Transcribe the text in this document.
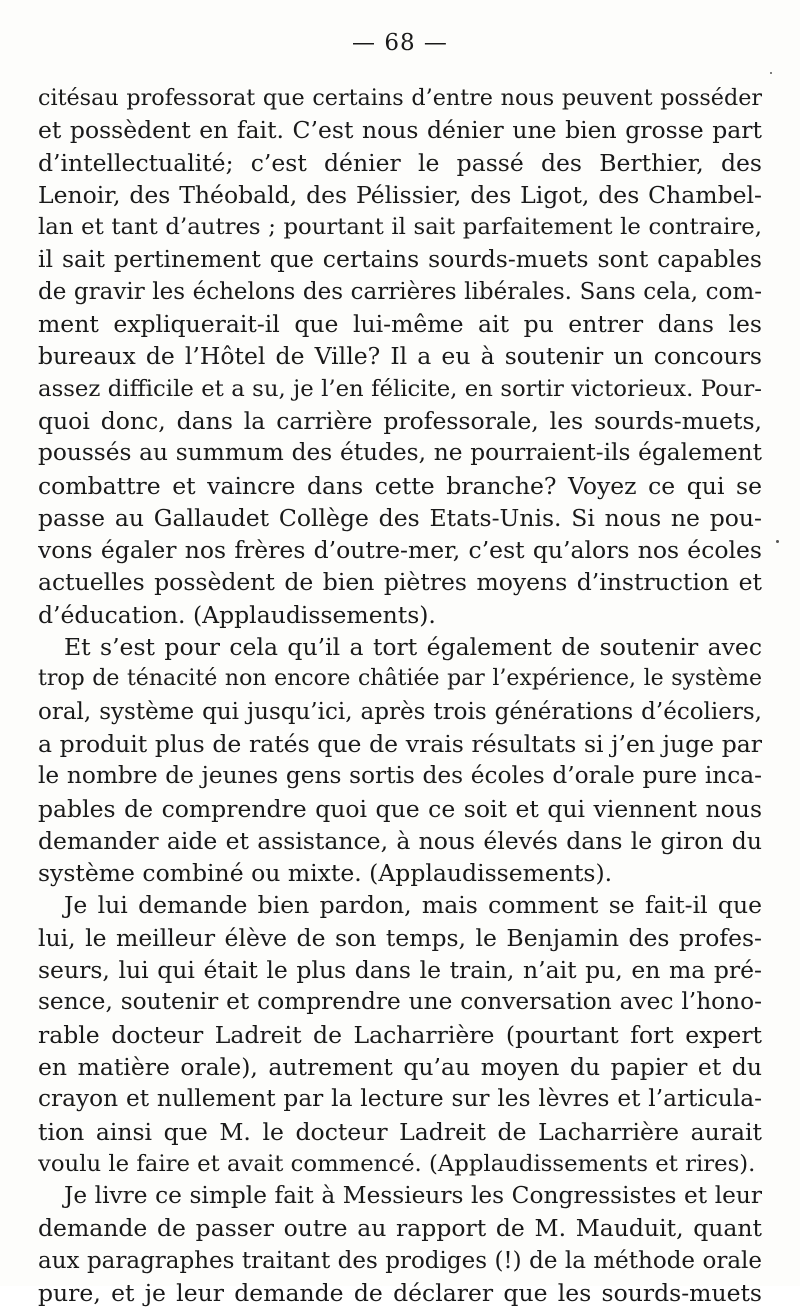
— 68 —
citésau professorat que certains d’entre nous peuvent posséder
et possèdent en fait. C’est nous dénier une bien grosse part
d’intellectualité; c’est dénier le passé des Berthier, des
Lenoir, des Théobald, des Pélissier, des Ligot, des Chambel-
lan et tant d’autres ; pourtant il sait parfaitement le contraire,
il sait pertinement que certains sourds-muets sont capables
de gravir les échelons des carrières libérales. Sans cela, com-
ment expliquerait-il que lui-même ait pu entrer dans les
bureaux de l’Hôtel de Ville? Il a eu à soutenir un concours
assez difficile et a su, je l’en félicite, en sortir victorieux. Pour-
quoi donc, dans la carrière professorale, les sourds-muets,
poussés au summum des études, ne pourraient-ils également
combattre et vaincre dans cette branche? Voyez ce qui se
passe au Gallaudet Collège des Etats-Unis. Si nous ne pou-
vons égaler nos frères d’outre-mer, c’est qu’alors nos écoles
actuelles possèdent de bien piètres moyens d’instruction et
d’éducation. (Applaudissements).
Et s’est pour cela qu’il a tort également de soutenir avec
trop de ténacité non encore châtiée par l’expérience, le système
oral, système qui jusqu’ici, après trois générations d’écoliers,
a produit plus de ratés que de vrais résultats si j’en juge par
le nombre de jeunes gens sortis des écoles d’orale pure inca-
pables de comprendre quoi que ce soit et qui viennent nous
demander aide et assistance, à nous élevés dans le giron du
système combiné ou mixte. (Applaudissements).
Je lui demande bien pardon, mais comment se fait-il que
lui, le meilleur élève de son temps, le Benjamin des profes-
seurs, lui qui était le plus dans le train, n’ait pu, en ma pré-
sence, soutenir et comprendre une conversation avec l’hono-
rable docteur Ladreit de Lacharrière (pourtant fort expert
en matière orale), autrement qu’au moyen du papier et du
crayon et nullement par la lecture sur les lèvres et l’articula-
tion ainsi que M. le docteur Ladreit de Lacharrière aurait
voulu le faire et avait commencé. (Applaudissements et rires).
Je livre ce simple fait à Messieurs les Congressistes et leur
demande de passer outre au rapport de M. Mauduit, quant
aux paragraphes traitant des prodiges (!) de la méthode orale
pure, et je leur demande de déclarer que les sourds-muets
